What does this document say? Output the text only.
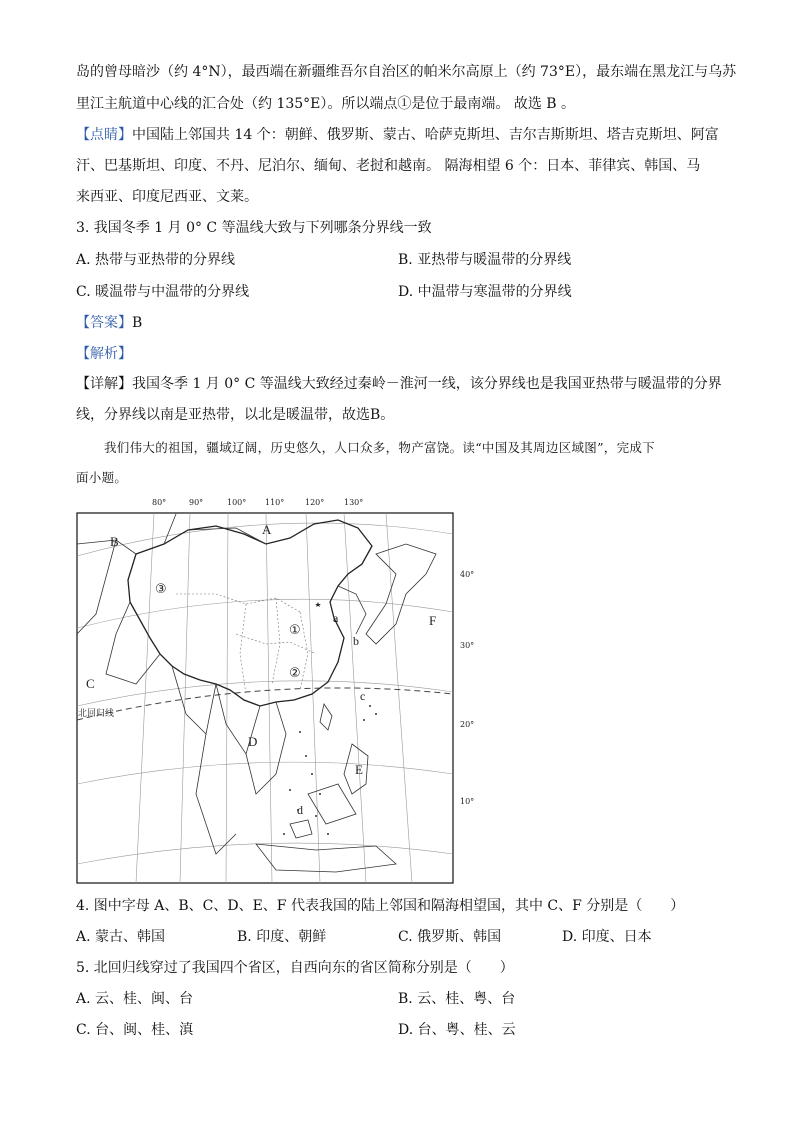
岛的曾母暗沙（约 4°N），最西端在新疆维吾尔自治区的帕米尔高原上（约 73°E），最东端在黑龙江与乌苏
里江主航道中心线的汇合处（约 135°E）。所以端点①是位于最南端。 故选 B 。
【点睛】中国陆上邻国共 14 个：朝鲜、俄罗斯、蒙古、哈萨克斯坦、吉尔吉斯斯坦、塔吉克斯坦、阿富
汗、巴基斯坦、印度、不丹、尼泊尔、缅甸、老挝和越南。 隔海相望 6 个：日本、菲律宾、韩国、马
来西亚、印度尼西亚、文莱。
3. 我国冬季 1 月 0° C 等温线大致与下列哪条分界线一致
A. 热带与亚热带的分界线	B. 亚热带与暖温带的分界线
C. 暖温带与中温带的分界线	D. 中温带与寒温带的分界线
【答案】B
【解析】
【详解】我国冬季 1 月 0° C 等温线大致经过秦岭－淮河一线，该分界线也是我国亚热带与暖温带的分界
线，分界线以南是亚热带，以北是暖温带，故选B。
我们伟大的祖国，疆域辽阔，历史悠久，人口众多，物产富饶。读“中国及其周边区域图”，完成下
面小题。
80°	90°	100° 110°	120° 130°
40°
30°
20°
10°
北回归线
A
B
C
D
E
F
a
b
c
d
①
②
③
4. 图中字母 A、B、C、D、E、F 代表我国的陆上邻国和隔海相望国，其中 C、F 分别是（　　）
A. 蒙古、韩国	B. 印度、朝鲜	C. 俄罗斯、韩国	D. 印度、日本
5. 北回归线穿过了我国四个省区，自西向东的省区简称分别是（　　）
A. 云、桂、闽、台	B. 云、桂、粤、台
C. 台、闽、桂、滇	D. 台、粤、桂、云
